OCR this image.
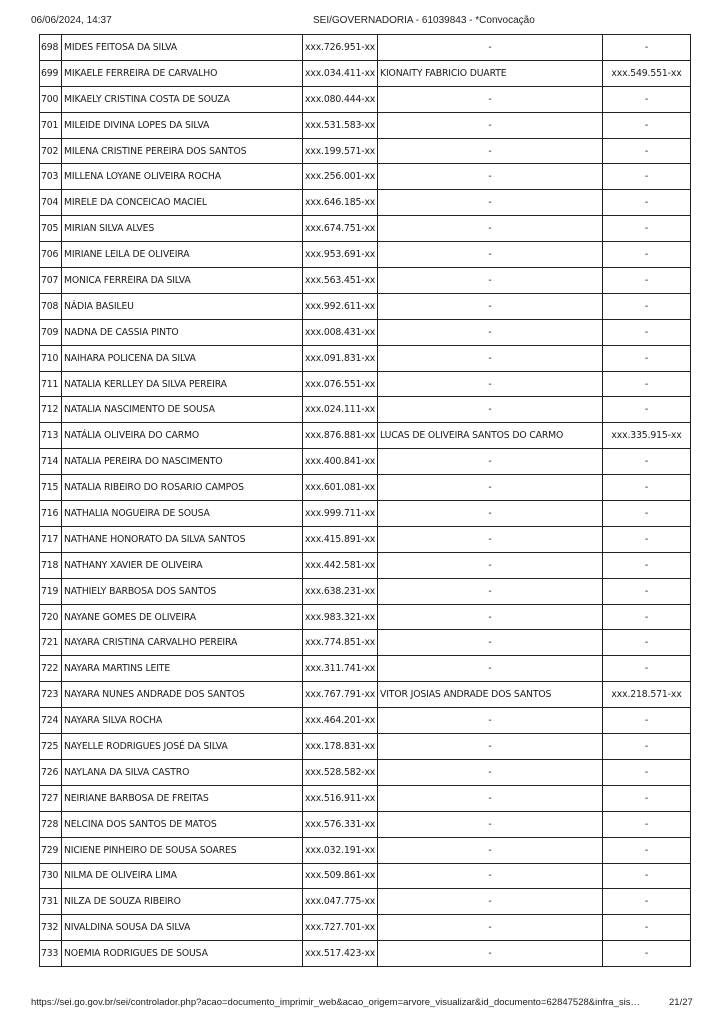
06/06/2024, 14:37	SEI/GOVERNADORIA - 61039843 - *Convocação
698	MIDES FEITOSA DA SILVA	xxx.726.951-xx	-	-
699	MIKAELE FERREIRA DE CARVALHO	xxx.034.411-xx	KIONAITY FABRICIO DUARTE	xxx.549.551-xx
700	MIKAELY CRISTINA COSTA DE SOUZA	xxx.080.444-xx	-	-
701	MILEIDE DIVINA LOPES DA SILVA	xxx.531.583-xx	-	-
702	MILENA CRISTINE PEREIRA DOS SANTOS	xxx.199.571-xx	-	-
703	MILLENA LOYANE OLIVEIRA ROCHA	xxx.256.001-xx	-	-
704	MIRELE DA CONCEICAO MACIEL	xxx.646.185-xx	-	-
705	MIRIAN SILVA ALVES	xxx.674.751-xx	-	-
706	MIRIANE LEILA DE OLIVEIRA	xxx.953.691-xx	-	-
707	MONICA FERREIRA DA SILVA	xxx.563.451-xx	-	-
708	NÁDIA BASILEU	xxx.992.611-xx	-	-
709	NADNA DE CASSIA PINTO	xxx.008.431-xx	-	-
710	NAIHARA POLICENA DA SILVA	xxx.091.831-xx	-	-
711	NATALIA KERLLEY DA SILVA PEREIRA	xxx.076.551-xx	-	-
712	NATALIA NASCIMENTO DE SOUSA	xxx.024.111-xx	-	-
713	NATÁLIA OLIVEIRA DO CARMO	xxx.876.881-xx	LUCAS DE OLIVEIRA SANTOS DO CARMO	xxx.335.915-xx
714	NATALIA PEREIRA DO NASCIMENTO	xxx.400.841-xx	-	-
715	NATALIA RIBEIRO DO ROSARIO CAMPOS	xxx.601.081-xx	-	-
716	NATHALIA NOGUEIRA DE SOUSA	xxx.999.711-xx	-	-
717	NATHANE HONORATO DA SILVA SANTOS	xxx.415.891-xx	-	-
718	NATHANY XAVIER DE OLIVEIRA	xxx.442.581-xx	-	-
719	NATHIELY BARBOSA DOS SANTOS	xxx.638.231-xx	-	-
720	NAYANE GOMES DE OLIVEIRA	xxx.983.321-xx	-	-
721	NAYARA CRISTINA CARVALHO PEREIRA	xxx.774.851-xx	-	-
722	NAYARA MARTINS LEITE	xxx.311.741-xx	-	-
723	NAYARA NUNES ANDRADE DOS SANTOS	xxx.767.791-xx	VITOR JOSIAS ANDRADE DOS SANTOS	xxx.218.571-xx
724	NAYARA SILVA ROCHA	xxx.464.201-xx	-	-
725	NAYELLE RODRIGUES JOSÉ DA SILVA	xxx.178.831-xx	-	-
726	NAYLANA DA SILVA CASTRO	xxx.528.582-xx	-	-
727	NEIRIANE BARBOSA DE FREITAS	xxx.516.911-xx	-	-
728	NELCINA DOS SANTOS DE MATOS	xxx.576.331-xx	-	-
729	NICIENE PINHEIRO DE SOUSA SOARES	xxx.032.191-xx	-	-
730	NILMA DE OLIVEIRA LIMA	xxx.509.861-xx	-	-
731	NILZA DE SOUZA RIBEIRO	xxx.047.775-xx	-	-
732	NIVALDINA SOUSA DA SILVA	xxx.727.701-xx	-	-
733	NOEMIA RODRIGUES DE SOUSA	xxx.517.423-xx	-	-
https://sei.go.gov.br/sei/controlador.php?acao=documento_imprimir_web&acao_origem=arvore_visualizar&id_documento=62847528&infra_sis…	21/27
